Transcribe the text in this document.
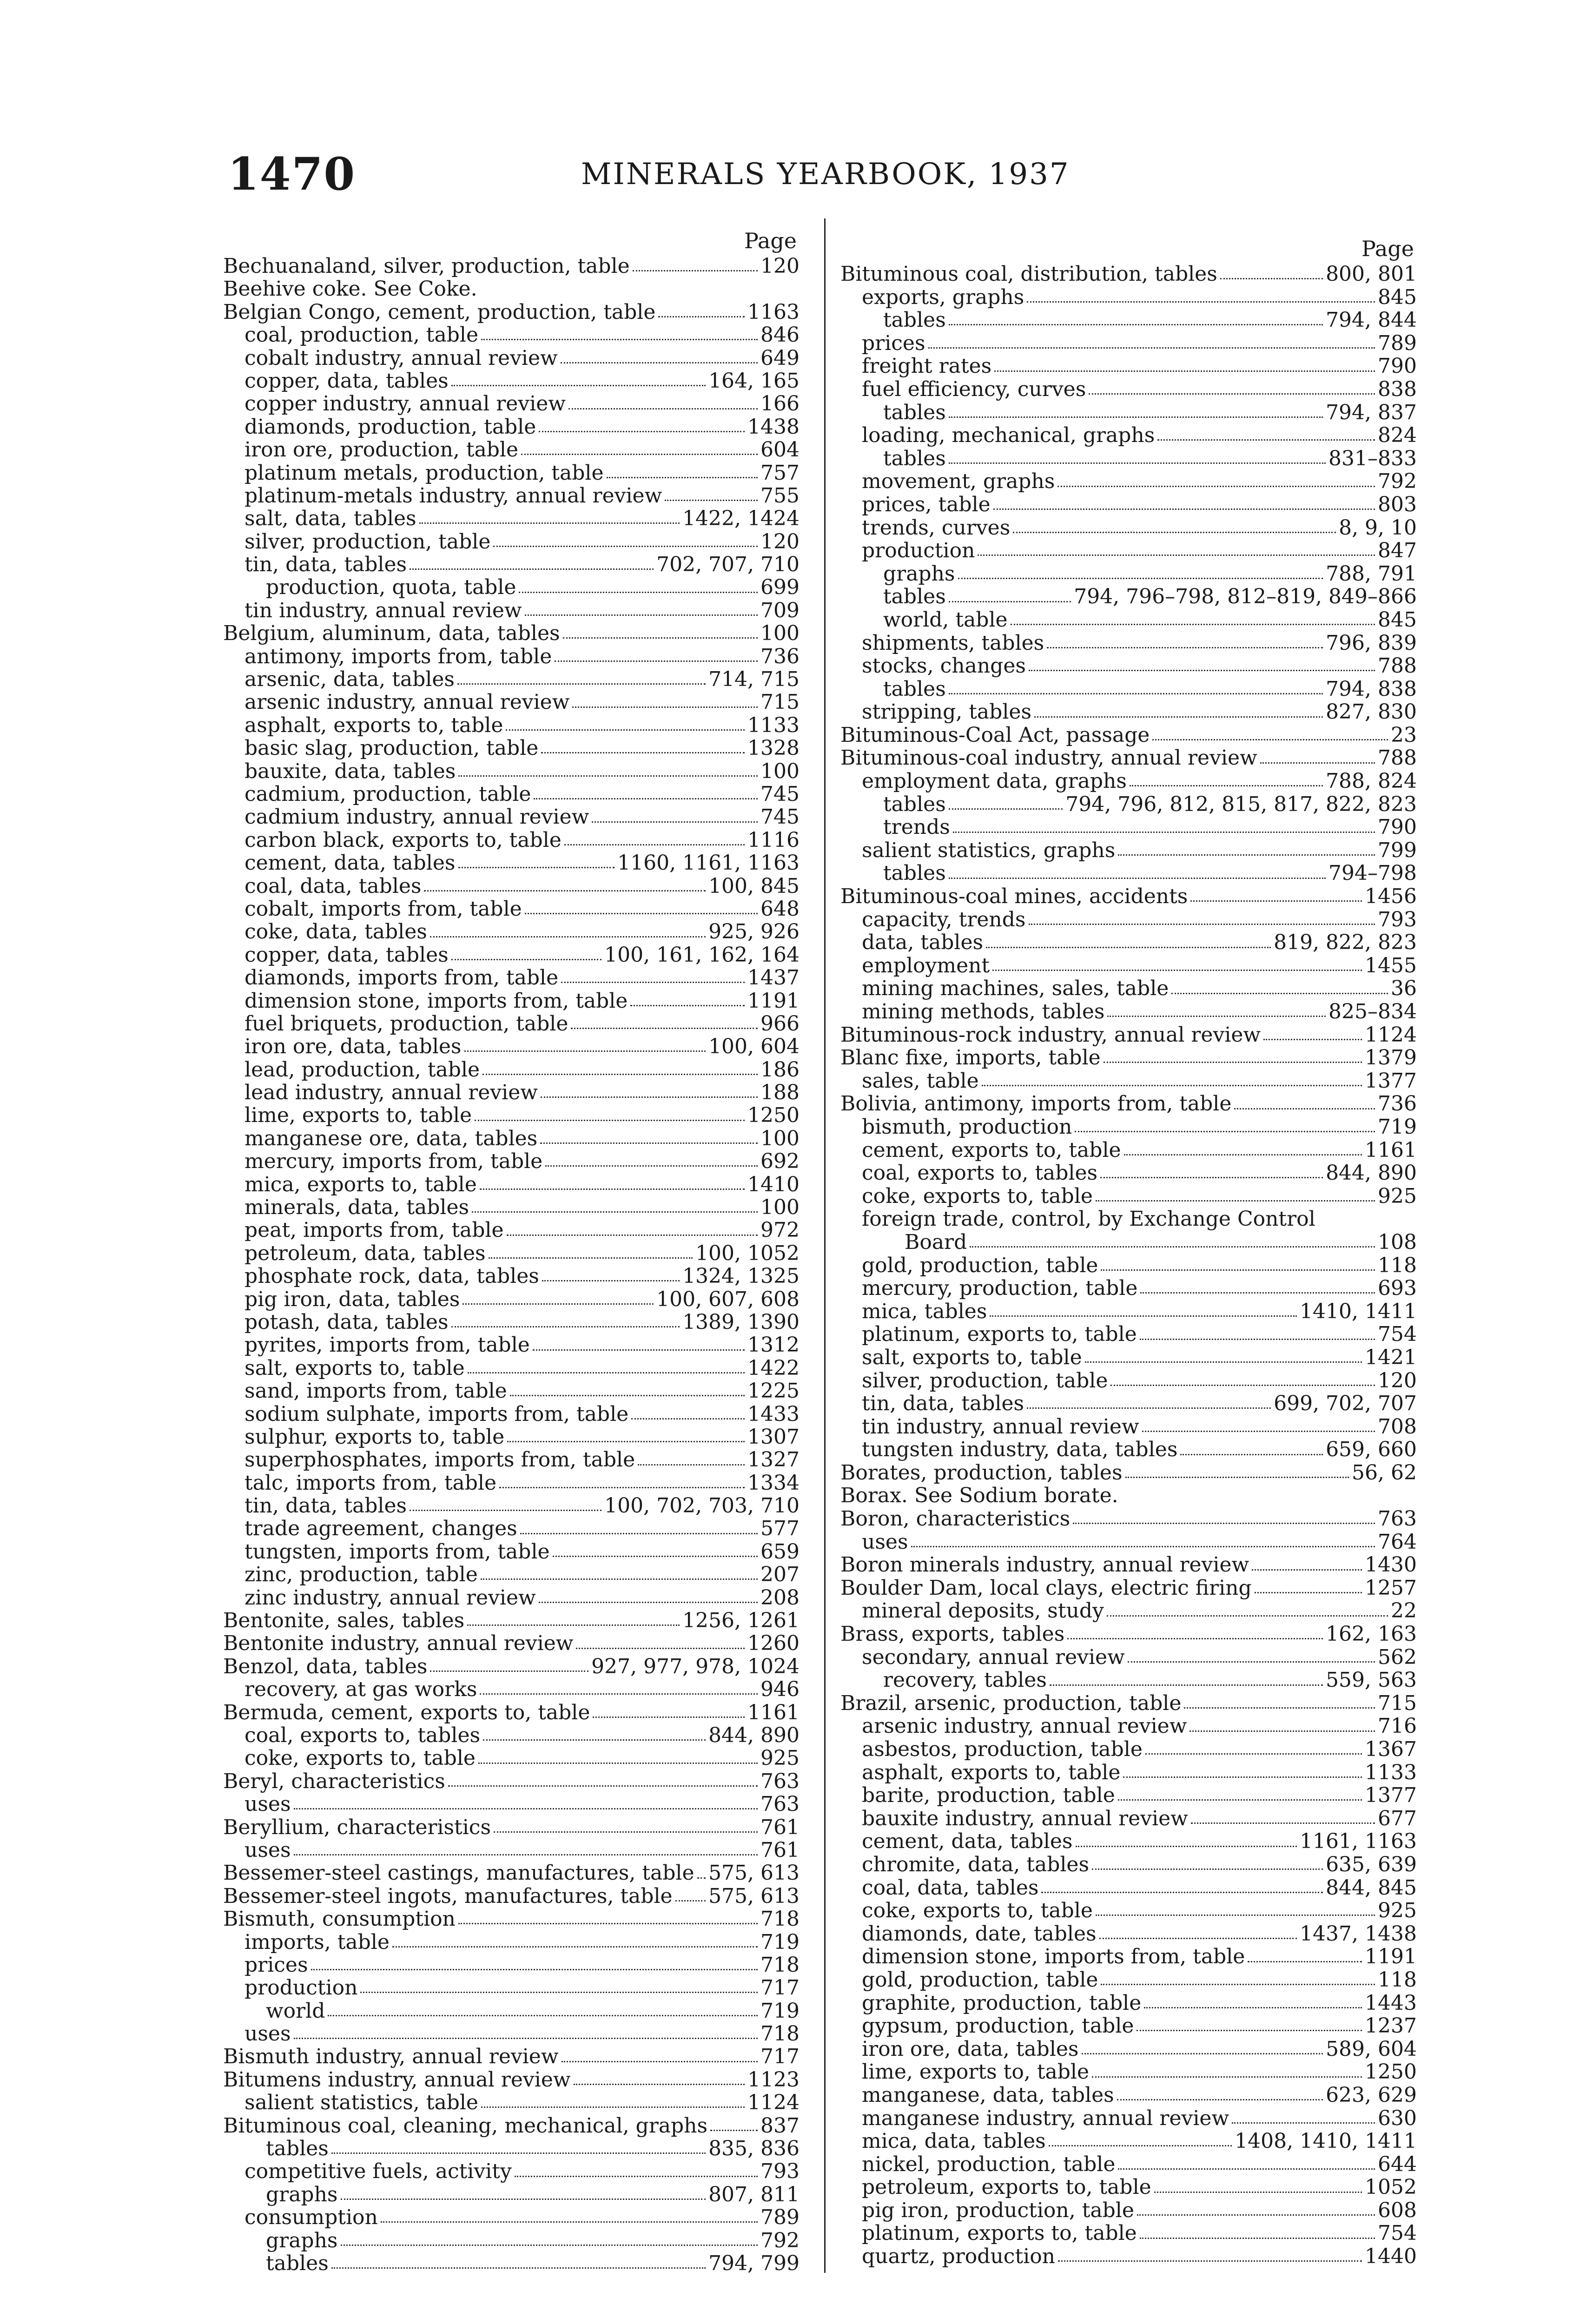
1470	MINERALS YEARBOOK, 1937
Page
Bechuanaland, silver, production, table	120
Beehive coke. See Coke.
Belgian Congo, cement, production, table	1163
coal, production, table	846
cobalt industry, annual review	649
copper, data, tables	164, 165
copper industry, annual review	166
diamonds, production, table	1438
iron ore, production, table	604
platinum metals, production, table	757
platinum-metals industry, annual review	755
salt, data, tables	1422, 1424
silver, production, table	120
tin, data, tables	702, 707, 710
production, quota, table	699
tin industry, annual review	709
Belgium, aluminum, data, tables	100
antimony, imports from, table	736
arsenic, data, tables	714, 715
arsenic industry, annual review	715
asphalt, exports to, table	1133
basic slag, production, table	1328
bauxite, data, tables	100
cadmium, production, table	745
cadmium industry, annual review	745
carbon black, exports to, table	1116
cement, data, tables	1160, 1161, 1163
coal, data, tables	100, 845
cobalt, imports from, table	648
coke, data, tables	925, 926
copper, data, tables	100, 161, 162, 164
diamonds, imports from, table	1437
dimension stone, imports from, table	1191
fuel briquets, production, table	966
iron ore, data, tables	100, 604
lead, production, table	186
lead industry, annual review	188
lime, exports to, table	1250
manganese ore, data, tables	100
mercury, imports from, table	692
mica, exports to, table	1410
minerals, data, tables	100
peat, imports from, table	972
petroleum, data, tables	100, 1052
phosphate rock, data, tables	1324, 1325
pig iron, data, tables	100, 607, 608
potash, data, tables	1389, 1390
pyrites, imports from, table	1312
salt, exports to, table	1422
sand, imports from, table	1225
sodium sulphate, imports from, table	1433
sulphur, exports to, table	1307
superphosphates, imports from, table	1327
talc, imports from, table	1334
tin, data, tables	100, 702, 703, 710
trade agreement, changes	577
tungsten, imports from, table	659
zinc, production, table	207
zinc industry, annual review	208
Bentonite, sales, tables	1256, 1261
Bentonite industry, annual review	1260
Benzol, data, tables	927, 977, 978, 1024
recovery, at gas works	946
Bermuda, cement, exports to, table	1161
coal, exports to, tables	844, 890
coke, exports to, table	925
Beryl, characteristics	763
uses	763
Beryllium, characteristics	761
uses	761
Bessemer-steel castings, manufactures, table 575, 613
Bessemer-steel ingots, manufactures, table 575, 613
Bismuth, consumption	718
imports, table	719
prices	718
production	717
world	719
uses	718
Bismuth industry, annual review	717
Bitumens industry, annual review	1123
salient statistics, table	1124
Bituminous coal, cleaning, mechanical, graphs	837
tables	835, 836
competitive fuels, activity	793
graphs	807, 811
consumption	789
graphs	792
tables	794, 799
Page
Bituminous coal, distribution, tables	800, 801
exports, graphs	845
tables	794, 844
prices	789
freight rates	790
fuel efficiency, curves	838
tables	794, 837
loading, mechanical, graphs	824
tables	831–833
movement, graphs	792
prices, table	803
trends, curves	8, 9, 10
production	847
graphs	788, 791
tables	794, 796–798, 812–819, 849–866
world, table	845
shipments, tables	796, 839
stocks, changes	788
tables	794, 838
stripping, tables	827, 830
Bituminous-Coal Act, passage	23
Bituminous-coal industry, annual review	788
employment data, graphs	788, 824
tables	794, 796, 812, 815, 817, 822, 823
trends	790
salient statistics, graphs	799
tables	794–798
Bituminous-coal mines, accidents	1456
capacity, trends	793
data, tables	819, 822, 823
employment	1455
mining machines, sales, table	36
mining methods, tables	825–834
Bituminous-rock industry, annual review	1124
Blanc fixe, imports, table	1379
sales, table	1377
Bolivia, antimony, imports from, table	736
bismuth, production	719
cement, exports to, table	1161
coal, exports to, tables	844, 890
coke, exports to, table	925
foreign trade, control, by Exchange Control
Board	108
gold, production, table	118
mercury, production, table	693
mica, tables	1410, 1411
platinum, exports to, table	754
salt, exports to, table	1421
silver, production, table	120
tin, data, tables	699, 702, 707
tin industry, annual review	708
tungsten industry, data, tables	659, 660
Borates, production, tables	56, 62
Borax. See Sodium borate.
Boron, characteristics	763
uses	764
Boron minerals industry, annual review	1430
Boulder Dam, local clays, electric firing	1257
mineral deposits, study	22
Brass, exports, tables	162, 163
secondary, annual review	562
recovery, tables	559, 563
Brazil, arsenic, production, table	715
arsenic industry, annual review	716
asbestos, production, table	1367
asphalt, exports to, table	1133
barite, production, table	1377
bauxite industry, annual review	677
cement, data, tables	1161, 1163
chromite, data, tables	635, 639
coal, data, tables	844, 845
coke, exports to, table	925
diamonds, date, tables	1437, 1438
dimension stone, imports from, table	1191
gold, production, table	118
graphite, production, table	1443
gypsum, production, table	1237
iron ore, data, tables	589, 604
lime, exports to, table	1250
manganese, data, tables	623, 629
manganese industry, annual review	630
mica, data, tables	1408, 1410, 1411
nickel, production, table	644
petroleum, exports to, table	1052
pig iron, production, table	608
platinum, exports to, table	754
quartz, production	1440
